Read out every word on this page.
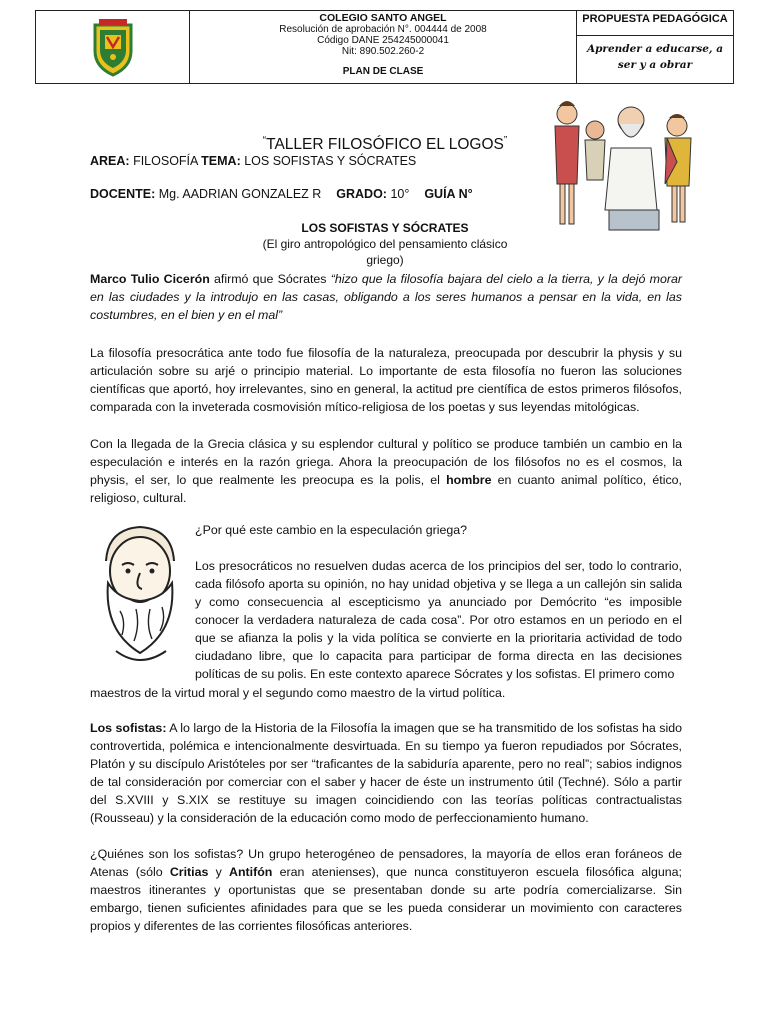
COLEGIO SANTO ANGEL
Resolución de aprobación N°. 004444 de 2008
Código DANE 254245000041
Nit: 890.502.260-2
PLAN DE CLASE
PROPUESTA PEDAGÓGICA
Aprender a educarse, a ser y a obrar
“TALLER FILOSÓFICO EL LOGOS”
AREA: FILOSOFÍA TEMA: LOS SOFISTAS Y SÓCRATES
DOCENTE: Mg. AADRIAN GONZALEZ R GRADO: 10° GUÍA N°
LOS SOFISTAS Y SÓCRATES
(El giro antropológico del pensamiento clásico griego)
Marco Tulio Cicerón afirmó que Sócrates “hizo que la filosofía bajara del cielo a la tierra, y la dejó morar en las ciudades y la introdujo en las casas, obligando a los seres humanos a pensar en la vida, en las costumbres, en el bien y en el mal”
La filosofía presocrática ante todo fue filosofía de la naturaleza, preocupada por descubrir la physis y su articulación sobre su arjé o principio material. Lo importante de esta filosofía no fueron las soluciones científicas que aportó, hoy irrelevantes, sino en general, la actitud pre científica de estos primeros filósofos, comparada con la inveterada cosmovisión mítico-religiosa de los poetas y sus leyendas mitológicas.
Con la llegada de la Grecia clásica y su esplendor cultural y político se produce también un cambio en la especulación e interés en la razón griega. Ahora la preocupación de los filósofos no es el cosmos, la physis, el ser, lo que realmente les preocupa es la polis, el hombre en cuanto animal político, ético, religioso, cultural.
¿Por qué este cambio en la especulación griega?
Los presocráticos no resuelven dudas acerca de los principios del ser, todo lo contrario, cada filósofo aporta su opinión, no hay unidad objetiva y se llega a un callejón sin salida y como consecuencia al escepticismo ya anunciado por Demócrito “es imposible conocer la verdadera naturaleza de cada cosa”. Por otro estamos en un periodo en el que se afianza la polis y la vida política se convierte en la prioritaria actividad de todo ciudadano libre, que lo capacita para participar de forma directa en las decisiones políticas de su polis. En este contexto aparece Sócrates y los sofistas. El primero como
maestros de la virtud moral y el segundo como maestro de la virtud política.
Los sofistas: A lo largo de la Historia de la Filosofía la imagen que se ha transmitido de los sofistas ha sido controvertida, polémica e intencionalmente desvirtuada. En su tiempo ya fueron repudiados por Sócrates, Platón y su discípulo Aristóteles por ser “traficantes de la sabiduría aparente, pero no real”; sabios indignos de tal consideración por comerciar con el saber y hacer de éste un instrumento útil (Techné). Sólo a partir del S.XVIII y S.XIX se restituye su imagen coincidiendo con las teorías políticas contractualistas (Rousseau) y la consideración de la educación como modo de perfeccionamiento humano.
¿Quiénes son los sofistas? Un grupo heterogéneo de pensadores, la mayoría de ellos eran foráneos de Atenas (sólo Critias y Antifón eran atenienses), que nunca constituyeron escuela filosófica alguna; maestros itinerantes y oportunistas que se presentaban donde su arte podría comercializarse. Sin embargo, tienen suficientes afinidades para que se les pueda considerar un movimiento con caracteres propios y diferentes de las corrientes filosóficas anteriores.
